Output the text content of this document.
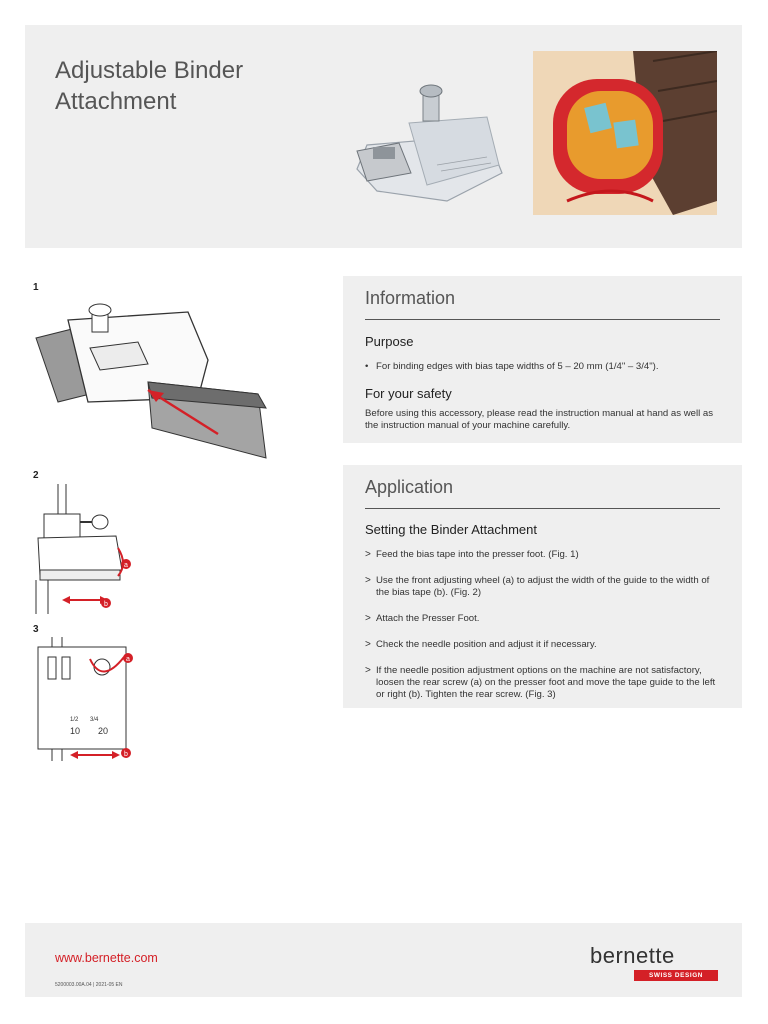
Adjustable Binder
Attachment
1
2
a
b
3
a
b
1/2 3/4
10 20
Information
Purpose
• For binding edges with bias tape widths of 5 – 20 mm (1/4" – 3/4").
For your safety

Before using this accessory, please read the instruction manual at hand as well as the instruction manual of your machine carefully.

Application
Setting the Binder Attachment
> Feed the bias tape into the presser foot. (Fig. 1)
> Use the front adjusting wheel (a) to adjust the width of the guide to the width of the bias tape (b). (Fig. 2)
> Attach the Presser Foot.
> Check the needle position and adjust it if necessary.
> If the needle position adjustment options on the machine are not satisfactory, loosen the rear screw (a) on the presser foot and move the tape guide to the left or right (b). Tighten the rear screw. (Fig. 3)
www.bernette.com
5200003.00A.04 | 2021-05 EN
bernette
SWISS DESIGN
